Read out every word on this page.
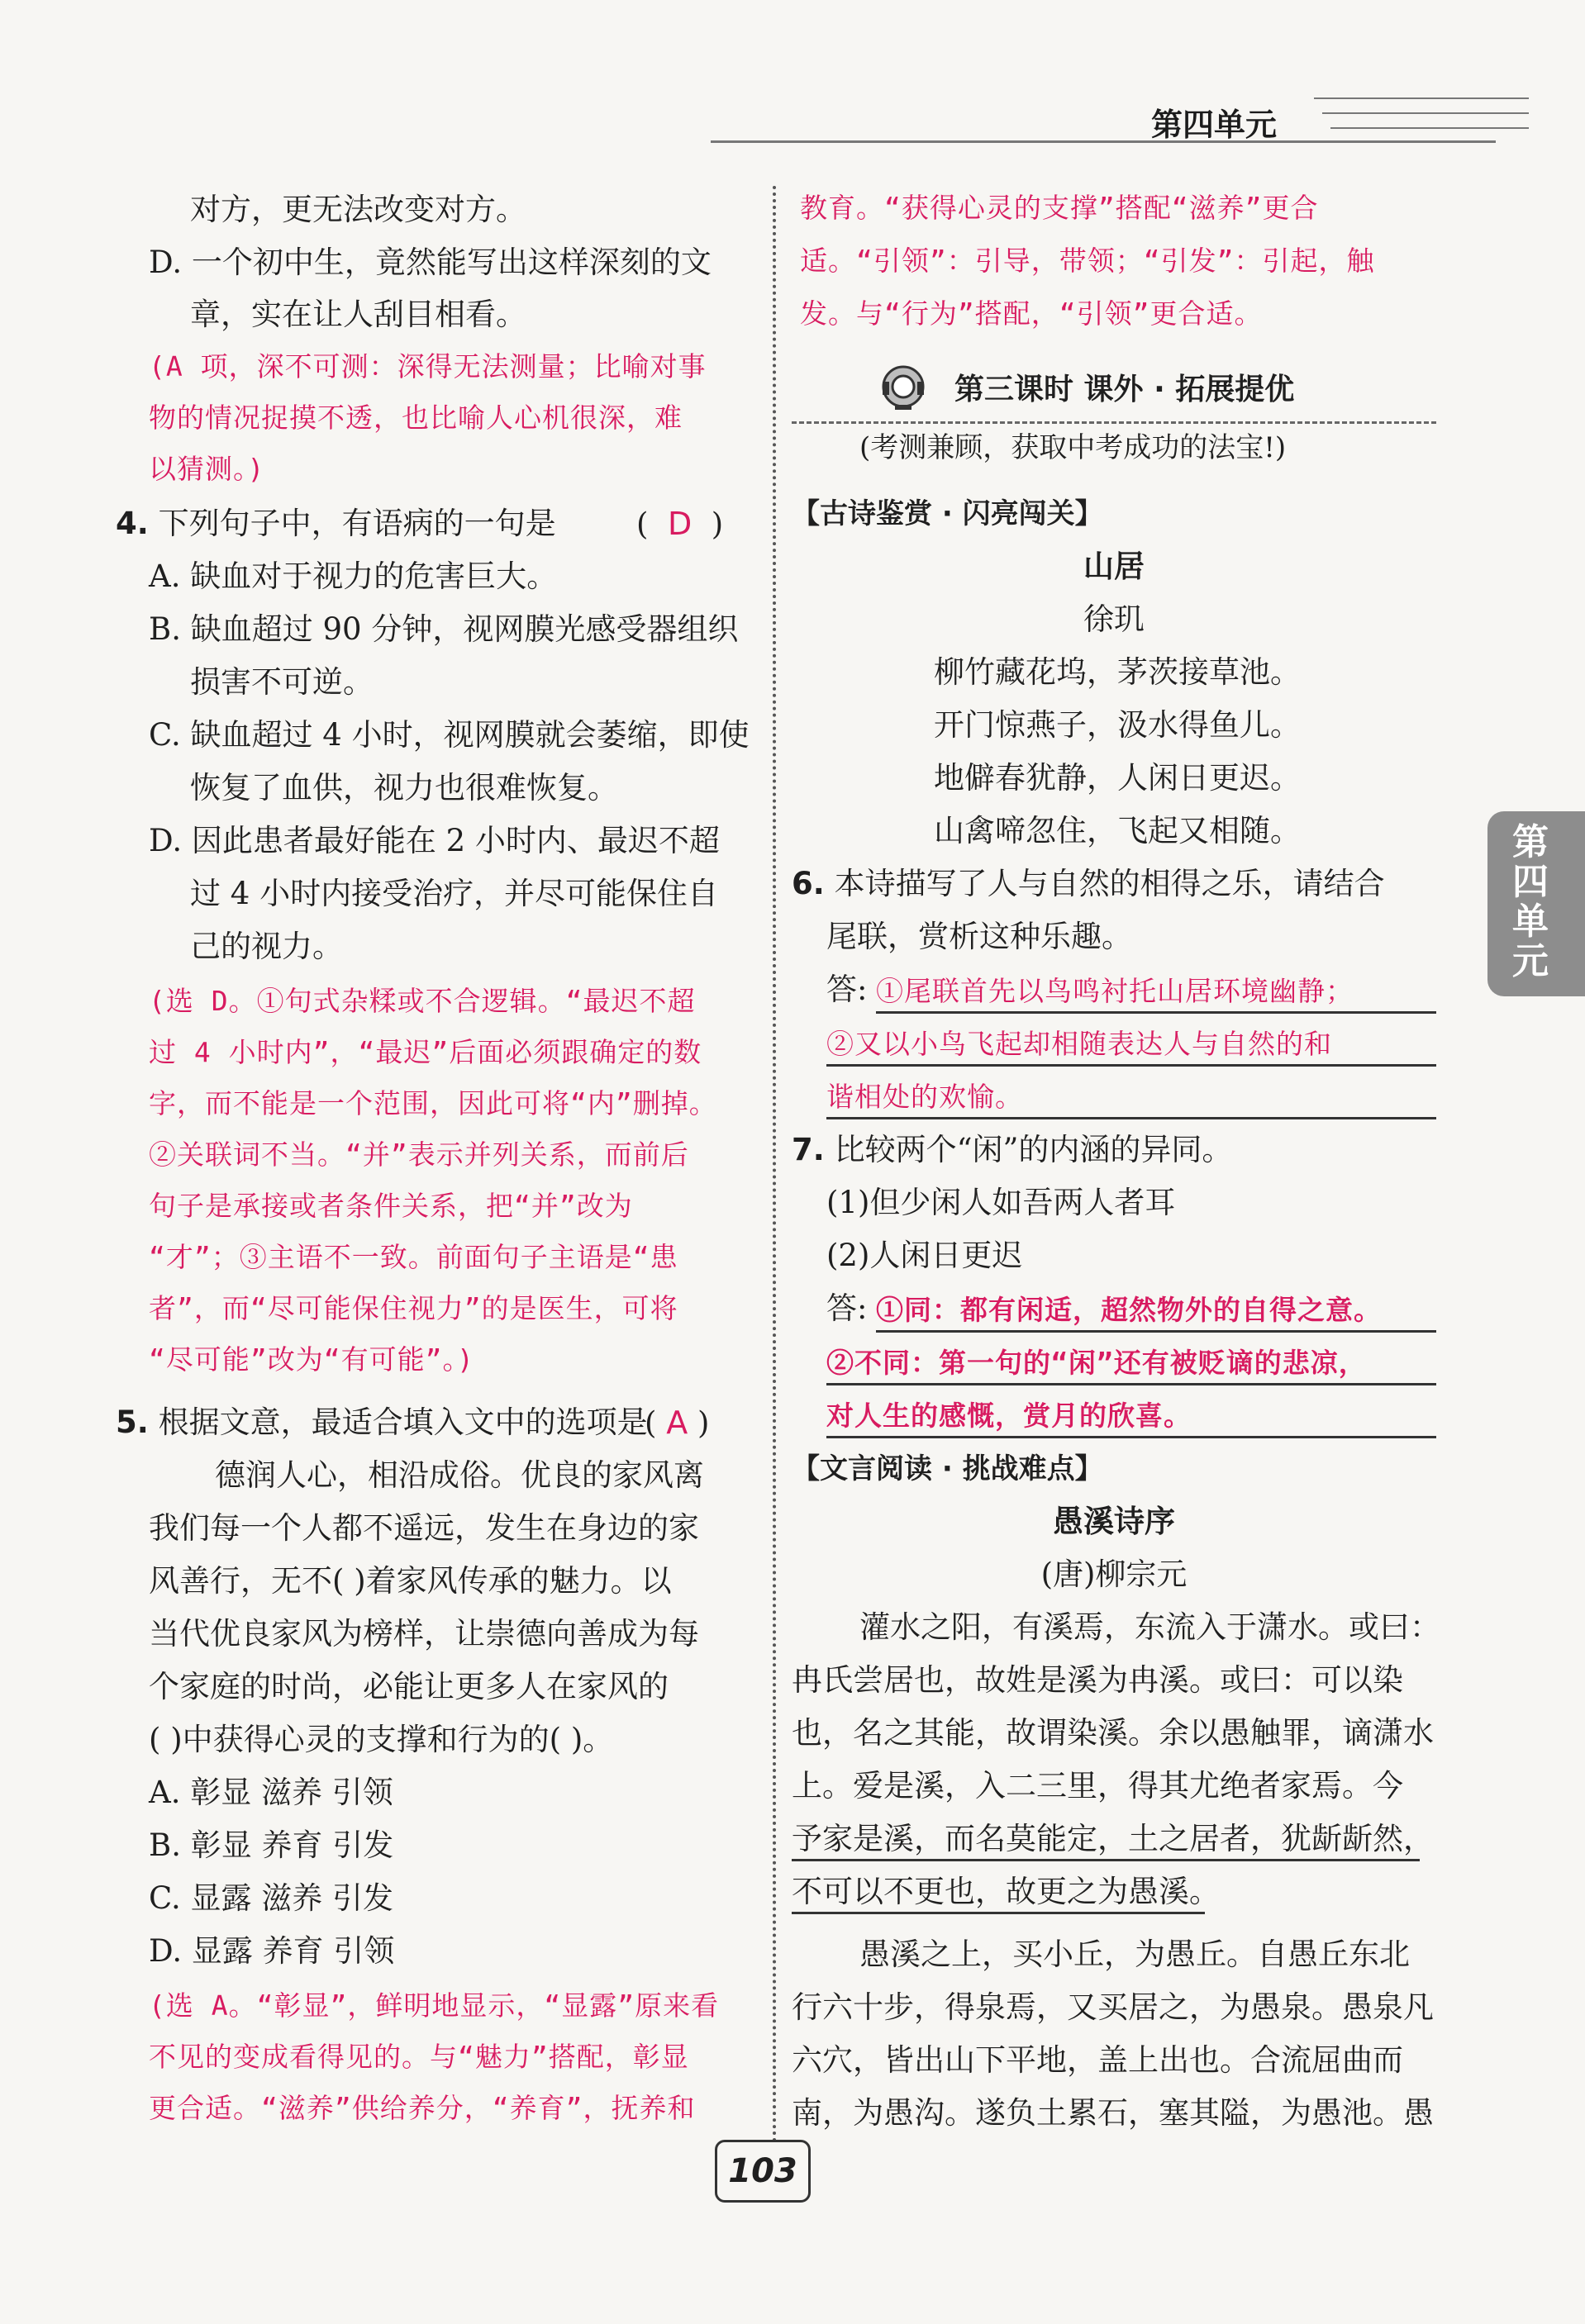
第四单元
第四单元
对方，更无法改变对方。
D. 一个初中生，竟然能写出这样深刻的文
章，实在让人刮目相看。
(A 项，深不可测：深得无法测量；比喻对事
物的情况捉摸不透，也比喻人心机很深，难
以猜测。)
4. 下列句子中，有语病的一句是	(  D  )
A. 缺血对于视力的危害巨大。
B. 缺血超过 90 分钟，视网膜光感受器组织
损害不可逆。
C. 缺血超过 4 小时，视网膜就会萎缩，即使
恢复了血供，视力也很难恢复。
D. 因此患者最好能在 2 小时内、最迟不超
过 4 小时内接受治疗，并尽可能保住自
己的视力。
(选 D。①句式杂糅或不合逻辑。“最迟不超
过 4 小时内”，“最迟”后面必须跟确定的数
字，而不能是一个范围，因此可将“内”删掉。
②关联词不当。“并”表示并列关系，而前后
句子是承接或者条件关系，把“并”改为
“才”；③主语不一致。前面句子主语是“患
者”，而“尽可能保住视力”的是医生，可将
“尽可能”改为“有可能”。)
5. 根据文意，最适合填入文中的选项是
( A )
德润人心，相沿成俗。优良的家风离
我们每一个人都不遥远，发生在身边的家
风善行，无不( )着家风传承的魅力。以
当代优良家风为榜样，让崇德向善成为每
个家庭的时尚，必能让更多人在家风的
( )中获得心灵的支撑和行为的( )。
A. 彰显 滋养 引领
B. 彰显 养育 引发
C. 显露 滋养 引发
D. 显露 养育 引领
(选 A。“彰显”，鲜明地显示，“显露”原来看
不见的变成看得见的。与“魅力”搭配，彰显
更合适。“滋养”供给养分，“养育”，抚养和
教育。“获得心灵的支撑”搭配“滋养”更合
适。“引领”：引导，带领；“引发”：引起，触
发。与“行为”搭配，“引领”更合适。
第三课时 课外 · 拓展提优
(考测兼顾，获取中考成功的法宝!)
【古诗鉴赏 · 闪亮闯关】
山居
徐玑
柳竹藏花坞，茅茨接草池。
开门惊燕子，汲水得鱼儿。
地僻春犹静，人闲日更迟。
山禽啼忽住，飞起又相随。
6. 本诗描写了人与自然的相得之乐，请结合
尾联，赏析这种乐趣。
答: ①尾联首先以鸟鸣衬托山居环境幽静；
②又以小鸟飞起却相随表达人与自然的和
谐相处的欢愉。
7. 比较两个“闲”的内涵的异同。
(1)但少闲人如吾两人者耳
(2)人闲日更迟
答: ①同：都有闲适，超然物外的自得之意。
②不同：第一句的“闲”还有被贬谪的悲凉，
对人生的感慨，赏月的欣喜。
【文言阅读 · 挑战难点】
愚溪诗序
(唐)柳宗元
灌水之阳，有溪焉，东流入于潇水。或曰：
冉氏尝居也，故姓是溪为冉溪。或曰：可以染
也，名之其能，故谓染溪。余以愚触罪，谪潇水
上。爱是溪，入二三里，得其尤绝者家焉。今
予家是溪，而名莫能定，土之居者，犹龂龂然，
不可以不更也，故更之为愚溪。
愚溪之上，买小丘，为愚丘。自愚丘东北
行六十步，得泉焉，又买居之，为愚泉。愚泉凡
六穴，皆出山下平地，盖上出也。合流屈曲而
南，为愚沟。遂负土累石，塞其隘，为愚池。愚
103
